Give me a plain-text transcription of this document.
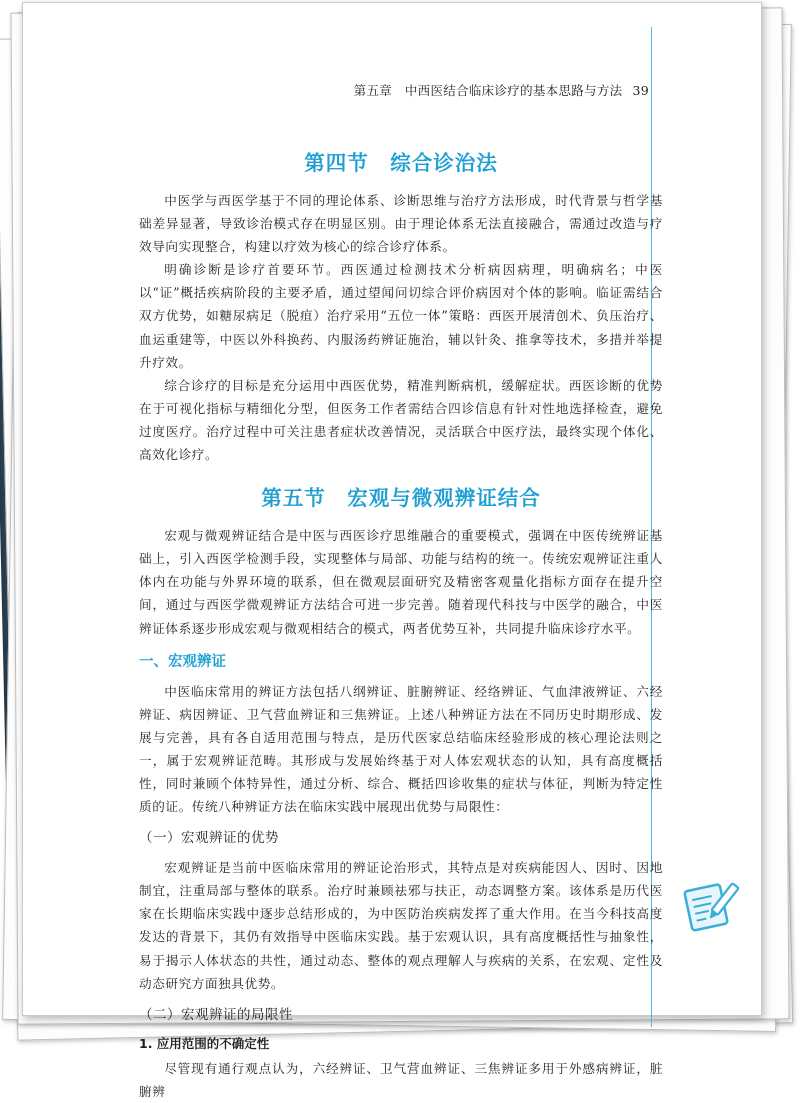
第五章　中西医结合临床诊疗的基本思路与方法 39
第四节　综合诊治法

中医学与西医学基于不同的理论体系、诊断思维与治疗方法形成，时代背景与哲学基础差异显著，导致诊治模式存在明显区别。由于理论体系无法直接融合，需通过改造与疗效导向实现整合，构建以疗效为核心的综合诊疗体系。

明确诊断是诊疗首要环节。西医通过检测技术分析病因病理，明确病名；中医以“证”概括疾病阶段的主要矛盾，通过望闻问切综合评价病因对个体的影响。临证需结合双方优势，如糖尿病足（脱疽）治疗采用“五位一体”策略：西医开展清创术、负压治疗、血运重建等，中医以外科换药、内服汤药辨证施治，辅以针灸、推拿等技术，多措并举提升疗效。

综合诊疗的目标是充分运用中西医优势，精准判断病机，缓解症状。西医诊断的优势在于可视化指标与精细化分型，但医务工作者需结合四诊信息有针对性地选择检查，避免过度医疗。治疗过程中可关注患者症状改善情况，灵活联合中医疗法，最终实现个体化、高效化诊疗。

第五节　宏观与微观辨证结合

宏观与微观辨证结合是中医与西医诊疗思维融合的重要模式，强调在中医传统辨证基础上，引入西医学检测手段，实现整体与局部、功能与结构的统一。传统宏观辨证注重人体内在功能与外界环境的联系，但在微观层面研究及精密客观量化指标方面存在提升空间，通过与西医学微观辨证方法结合可进一步完善。随着现代科技与中医学的融合，中医辨证体系逐步形成宏观与微观相结合的模式，两者优势互补，共同提升临床诊疗水平。

一、宏观辨证

中医临床常用的辨证方法包括八纲辨证、脏腑辨证、经络辨证、气血津液辨证、六经辨证、病因辨证、卫气营血辨证和三焦辨证。上述八种辨证方法在不同历史时期形成、发展与完善，具有各自适用范围与特点，是历代医家总结临床经验形成的核心理论法则之一，属于宏观辨证范畴。其形成与发展始终基于对人体宏观状态的认知，具有高度概括性，同时兼顾个体特异性，通过分析、综合、概括四诊收集的症状与体征，判断为特定性质的证。传统八种辨证方法在临床实践中展现出优势与局限性：

（一）宏观辨证的优势

宏观辨证是当前中医临床常用的辨证论治形式，其特点是对疾病能因人、因时、因地制宜，注重局部与整体的联系。治疗时兼顾祛邪与扶正，动态调整方案。该体系是历代医家在长期临床实践中逐步总结形成的，为中医防治疾病发挥了重大作用。在当今科技高度发达的背景下，其仍有效指导中医临床实践。基于宏观认识，具有高度概括性与抽象性，易于揭示人体状态的共性，通过动态、整体的观点理解人与疾病的关系，在宏观、定性及动态研究方面独具优势。

（二）宏观辨证的局限性
1. 应用范围的不确定性

尽管现有通行观点认为，六经辨证、卫气营血辨证、三焦辨证多用于外感病辨证，脏腑辨
